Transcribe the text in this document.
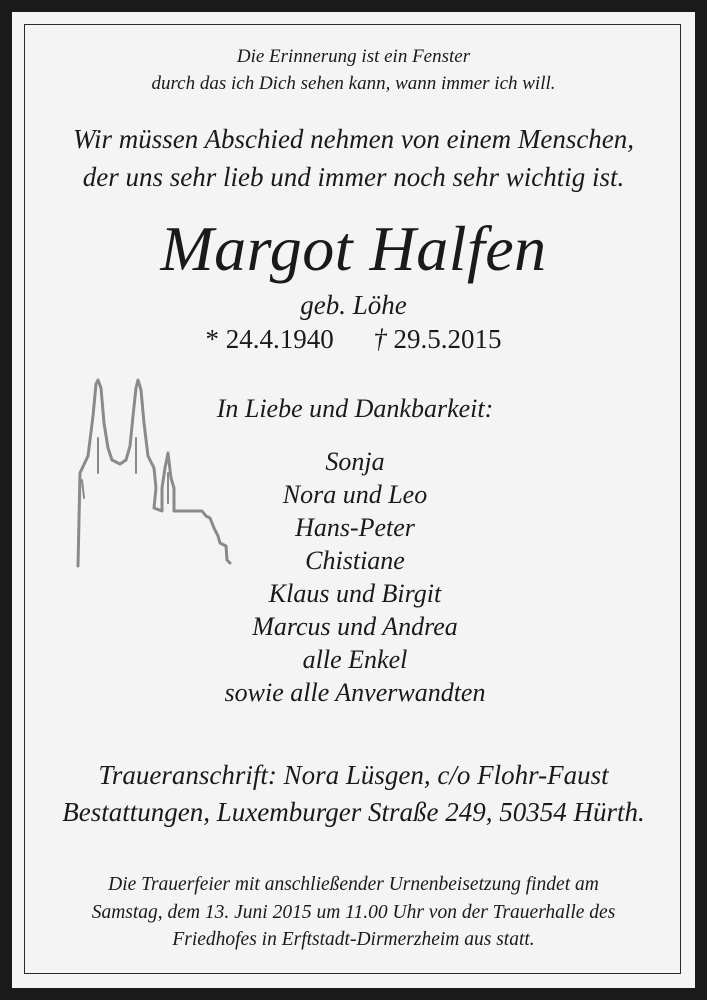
Die Erinnerung ist ein Fenster
durch das ich Dich sehen kann, wann immer ich will.
Wir müssen Abschied nehmen von einem Menschen,
der uns sehr lieb und immer noch sehr wichtig ist.
Margot Halfen
geb. Löhe
* 24.4.1940 † 29.5.2015
In Liebe und Dankbarkeit:
Sonja
Nora und Leo
Hans-Peter
Chistiane
Klaus und Birgit
Marcus und Andrea
alle Enkel
sowie alle Anverwandten
Traueranschrift: Nora Lüsgen, c/o Flohr-Faust
Bestattungen, Luxemburger Straße 249, 50354 Hürth.
Die Trauerfeier mit anschließender Urnenbeisetzung findet am
Samstag, dem 13. Juni 2015 um 11.00 Uhr von der Trauerhalle des
Friedhofes in Erftstadt-Dirmerzheim aus statt.
